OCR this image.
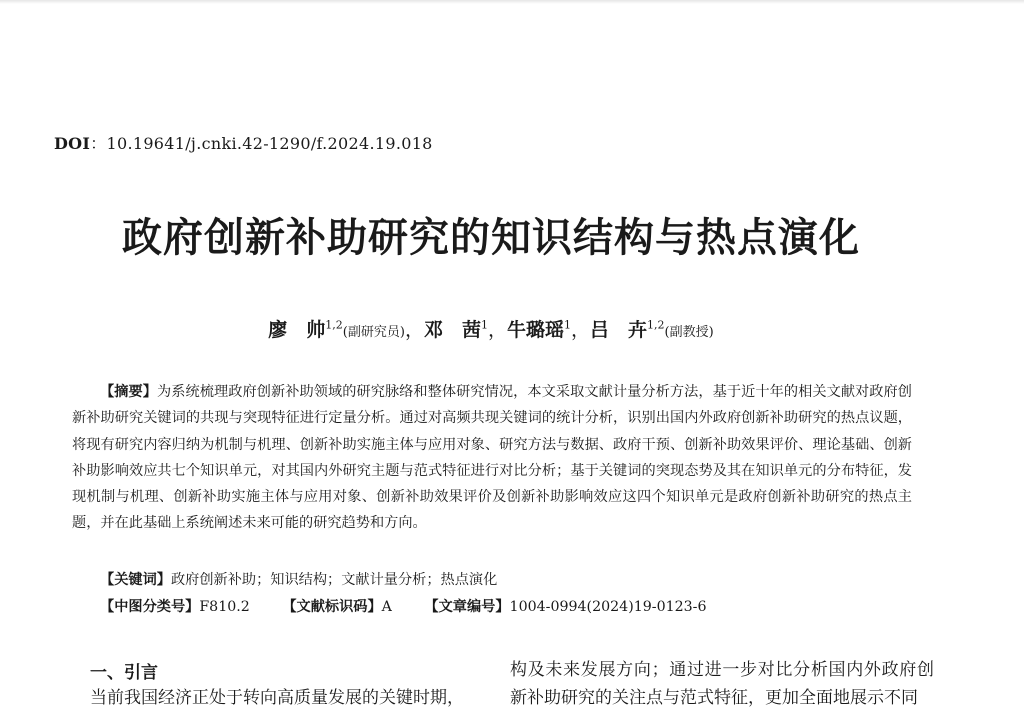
DOI：10.19641/j.cnki.42-1290/f.2024.19.018
政府创新补助研究的知识结构与热点演化
廖　帅$^{1,2}$(副研究员)，邓　茜$^1$，牛璐瑶$^1$，吕　卉$^{1,2}$(副教授)

【摘要】为系统梳理政府创新补助领域的研究脉络和整体研究情况，本文采取文献计量分析方法，基于近十年的相关文献对政府创新补助研究关键词的共现与突现特征进行定量分析。通过对高频共现关键词的统计分析，识别出国内外政府创新补助研究的热点议题，将现有研究内容归纳为机制与机理、创新补助实施主体与应用对象、研究方法与数据、政府干预、创新补助效果评价、理论基础、创新补助影响效应共七个知识单元，对其国内外研究主题与范式特征进行对比分析；基于关键词的突现态势及其在知识单元的分布特征，发现机制与机理、创新补助实施主体与应用对象、创新补助效果评价及创新补助影响效应这四个知识单元是政府创新补助研究的热点主题，并在此基础上系统阐述未来可能的研究趋势和方向。

【关键词】政府创新补助；知识结构；文献计量分析；热点演化
【中图分类号】F810.2 【文献标识码】A 【文章编号】1004-0994(2024)19-0123-6
一、引言

当前我国经济正处于转向高质量发展的关键时期，

构及未来发展方向；通过进一步对比分析国内外政府创新补助研究的关注点与范式特征，更加全面地展示不同
